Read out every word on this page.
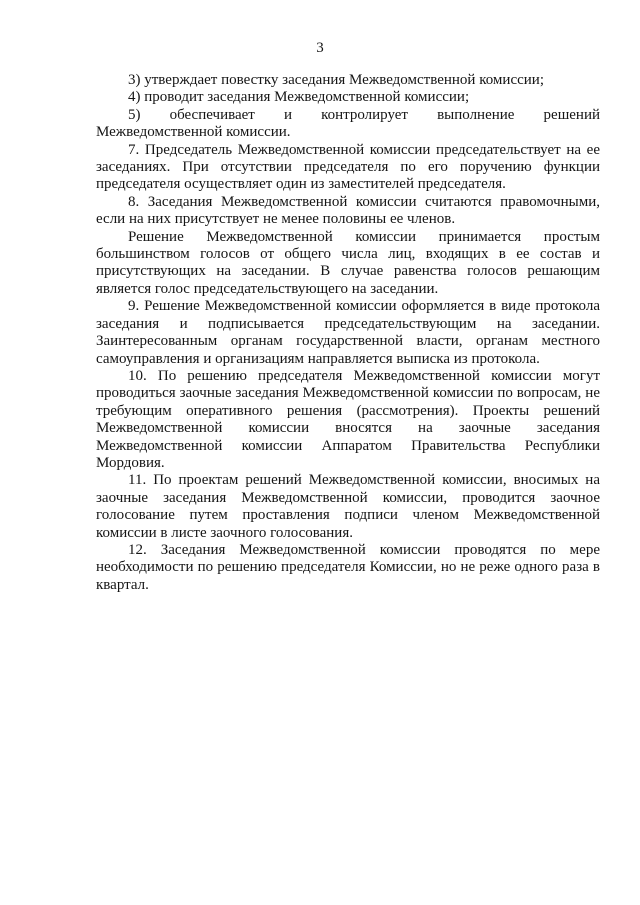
3

3) утверждает повестку заседания Межведомственной комиссии;

4) проводит заседания Межведомственной комиссии;

5) обеспечивает и контролирует выполнение решений Межведомственной комиссии.

7. Председатель Межведомственной комиссии председательствует на ее заседаниях. При отсутствии председателя по его поручению функции председателя осуществляет один из заместителей председателя.

8. Заседания Межведомственной комиссии считаются правомочными, если на них присутствует не менее половины ее членов.

Решение Межведомственной комиссии принимается простым большинством голосов от общего числа лиц, входящих в ее состав и присутствующих на заседании. В случае равенства голосов решающим является голос председательствующего на заседании.

9. Решение Межведомственной комиссии оформляется в виде протокола заседания и подписывается председательствующим на заседании. Заинтересованным органам государственной власти, органам местного самоуправления и организациям направляется выписка из протокола.

10. По решению председателя Межведомственной комиссии могут проводиться заочные заседания Межведомственной комиссии по вопросам, не требующим оперативного решения (рассмотрения). Проекты решений Межведомственной комиссии вносятся на заочные заседания Межведомственной комиссии Аппаратом Правительства Республики Мордовия.

11. По проектам решений Межведомственной комиссии, вносимых на заочные заседания Межведомственной комиссии, проводится заочное голосование путем проставления подписи членом Межведомственной комиссии в листе заочного голосования.

12. Заседания Межведомственной комиссии проводятся по мере необходимости по решению председателя Комиссии, но не реже одного раза в квартал.
